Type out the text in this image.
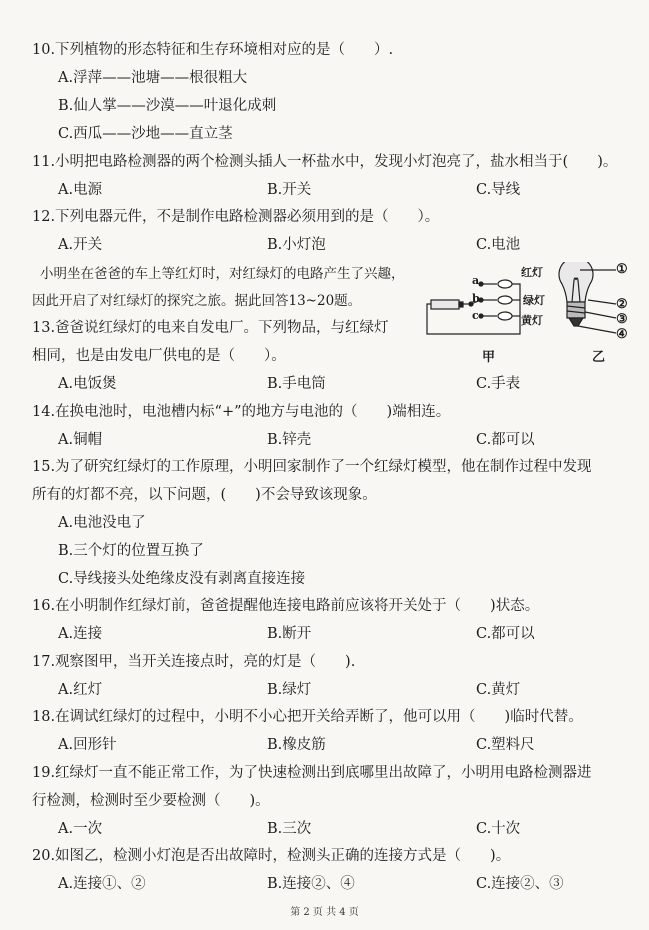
10.下列植物的形态特征和生存环境相对应的是（　　）.
A.浮萍——池塘——根很粗大
B.仙人掌——沙漠——叶退化成刺
C.西瓜——沙地——直立茎
11.小明把电路检测器的两个检测头插人一杯盐水中，发现小灯泡亮了，盐水相当于(　　)。
A.电源	B.开关	C.导线
12.下列电器元件，不是制作电路检测器必须用到的是（　　）。
A.开关	B.小灯泡	C.电池
小明坐在爸爸的车上等红灯时，对红绿灯的电路产生了兴趣，
因此开启了对红绿灯的探究之旅。据此回答13~20题。
13.爸爸说红绿灯的电来自发电厂。下列物品，与红绿灯
相同，也是由发电厂供电的是（　　）。
A.电饭煲	B.手电筒	C.手表
14.在换电池时，电池槽内标“+”的地方与电池的（　　)端相连。
A.铜帽	B.锌壳	C.都可以
15.为了研究红绿灯的工作原理，小明回家制作了一个红绿灯模型，他在制作过程中发现
所有的灯都不亮，以下问题，(　　)不会导致该现象。
A.电池没电了
B.三个灯的位置互换了
C.导线接头处绝缘皮没有剥离直接连接
16.在小明制作红绿灯前，爸爸提醒他连接电路前应该将开关处于（　　)状态。
A.连接	B.断开	C.都可以
17.观察图甲，当开关连接点时，亮的灯是（　　).
A.红灯	B.绿灯	C.黄灯
18.在调试红绿灯的过程中，小明不小心把开关给弄断了，他可以用（　　)临时代替。
A.回形针	B.橡皮筋	C.塑料尺
19.红绿灯一直不能正常工作，为了快速检测出到底哪里出故障了，小明用电路检测器进
行检测，检测时至少要检测（　　)。
A.一次	B.三次	C.十次
20.如图乙，检测小灯泡是否出故障时，检测头正确的连接方式是（　　)。
A.连接①、②	B.连接②、④	C.连接②、③
a
b
c
红灯
绿灯
黄灯
甲
①
②
③
④
乙
第 2 页 共 4 页
